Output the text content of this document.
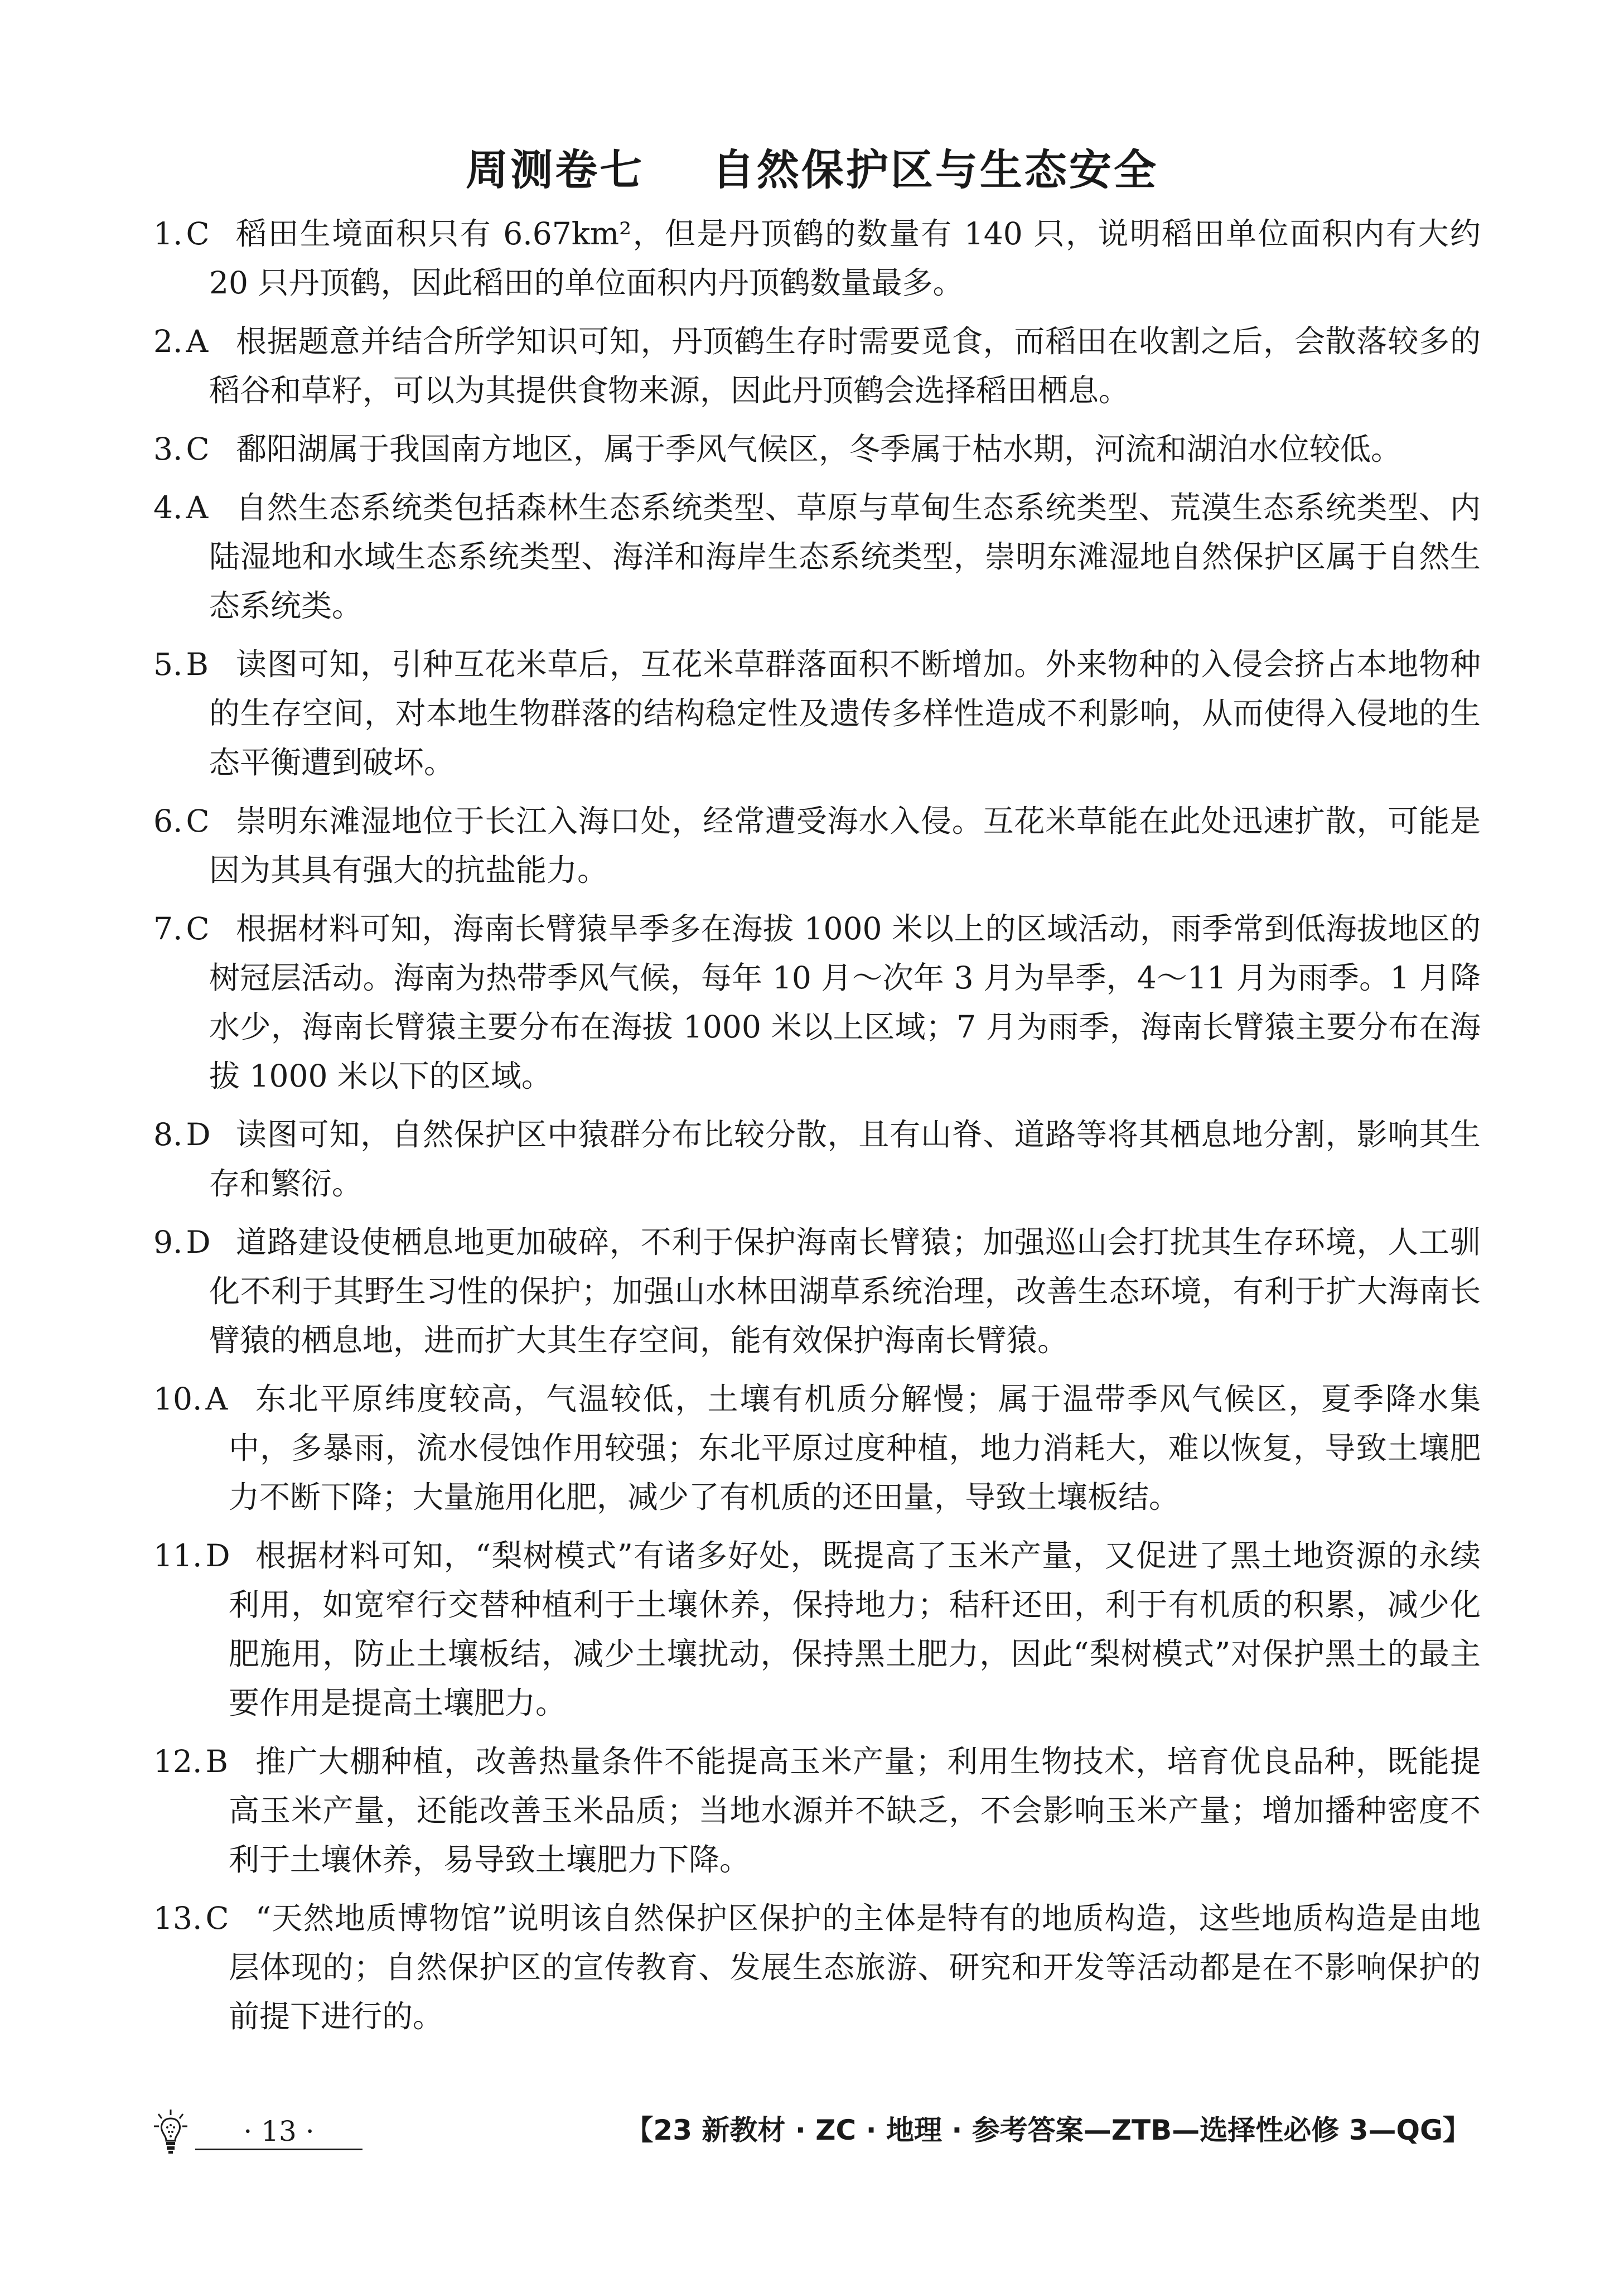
周测卷七    自然保护区与生态安全
1. C 稻田生境面积只有 6.67km²，但是丹顶鹤的数量有 140 只，说明稻田单位面积内有大约 20 只丹顶鹤，因此稻田的单位面积内丹顶鹤数量最多。
2. A 根据题意并结合所学知识可知，丹顶鹤生存时需要觅食，而稻田在收割之后，会散落较多的稻谷和草籽，可以为其提供食物来源，因此丹顶鹤会选择稻田栖息。
3. C 鄱阳湖属于我国南方地区，属于季风气候区，冬季属于枯水期，河流和湖泊水位较低。
4. A 自然生态系统类包括森林生态系统类型、草原与草甸生态系统类型、荒漠生态系统类型、内陆湿地和水域生态系统类型、海洋和海岸生态系统类型，崇明东滩湿地自然保护区属于自然生态系统类。
5. B 读图可知，引种互花米草后，互花米草群落面积不断增加。外来物种的入侵会挤占本地物种的生存空间，对本地生物群落的结构稳定性及遗传多样性造成不利影响，从而使得入侵地的生态平衡遭到破坏。
6. C 崇明东滩湿地位于长江入海口处，经常遭受海水入侵。互花米草能在此处迅速扩散，可能是因为其具有强大的抗盐能力。
7. C 根据材料可知，海南长臂猿旱季多在海拔 1000 米以上的区域活动，雨季常到低海拔地区的树冠层活动。海南为热带季风气候，每年 10 月～次年 3 月为旱季，4～11 月为雨季。1 月降水少，海南长臂猿主要分布在海拔 1000 米以上区域；7 月为雨季，海南长臂猿主要分布在海拔 1000 米以下的区域。
8. D 读图可知，自然保护区中猿群分布比较分散，且有山脊、道路等将其栖息地分割，影响其生存和繁衍。
9. D 道路建设使栖息地更加破碎，不利于保护海南长臂猿；加强巡山会打扰其生存环境，人工驯化不利于其野生习性的保护；加强山水林田湖草系统治理，改善生态环境，有利于扩大海南长臂猿的栖息地，进而扩大其生存空间，能有效保护海南长臂猿。
10. A 东北平原纬度较高，气温较低，土壤有机质分解慢；属于温带季风气候区，夏季降水集中，多暴雨，流水侵蚀作用较强；东北平原过度种植，地力消耗大，难以恢复，导致土壤肥力不断下降；大量施用化肥，减少了有机质的还田量，导致土壤板结。
11. D 根据材料可知，“梨树模式”有诸多好处，既提高了玉米产量，又促进了黑土地资源的永续利用，如宽窄行交替种植利于土壤休养，保持地力；秸秆还田，利于有机质的积累，减少化肥施用，防止土壤板结，减少土壤扰动，保持黑土肥力，因此“梨树模式”对保护黑土的最主要作用是提高土壤肥力。
12. B 推广大棚种植，改善热量条件不能提高玉米产量；利用生物技术，培育优良品种，既能提高玉米产量，还能改善玉米品质；当地水源并不缺乏，不会影响玉米产量；增加播种密度不利于土壤休养，易导致土壤肥力下降。
13. C “天然地质博物馆”说明该自然保护区保护的主体是特有的地质构造，这些地质构造是由地层体现的；自然保护区的宣传教育、发展生态旅游、研究和开发等活动都是在不影响保护的前提下进行的。
· 13 ·	【23 新教材 · ZC · 地理 · 参考答案—ZTB—选择性必修 3—QG】
